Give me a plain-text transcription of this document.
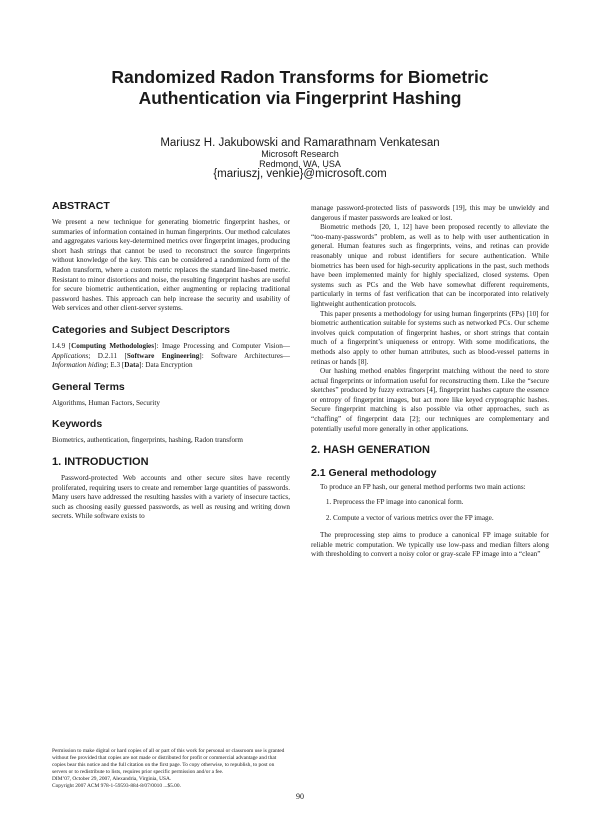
Randomized Radon Transforms for Biometric
Authentication via Fingerprint Hashing
Mariusz H. Jakubowski and Ramarathnam Venkatesan
Microsoft Research
Redmond, WA, USA
{mariuszj, venkie}@microsoft.com
ABSTRACT

We present a new technique for generating biometric fingerprint hashes, or summaries of information contained in human fingerprints. Our method calculates and aggregates various key-determined metrics over fingerprint images, producing short hash strings that cannot be used to reconstruct the source fingerprints without knowledge of the key. This can be considered a randomized form of the Radon transform, where a custom metric replaces the standard line-based metric. Resistant to minor distortions and noise, the resulting fingerprint hashes are useful for secure biometric authentication, either augmenting or replacing traditional password hashes. This approach can help increase the security and usability of Web services and other client-server systems.

Categories and Subject Descriptors

I.4.9 [Computing Methodologies]: Image Processing and Computer Vision—Applications; D.2.11 [Software Engineering]: Software Architectures— Information hiding; E.3 [Data]: Data Encryption

General Terms

Algorithms, Human Factors, Security

Keywords

Biometrics, authentication, fingerprints, hashing, Radon transform

1. INTRODUCTION

Password-protected Web accounts and other secure sites have recently proliferated, requiring users to create and remember large quantities of passwords. Many users have addressed the resulting hassles with a variety of insecure tactics, such as choosing easily guessed passwords, as well as reusing and writing down secrets. While software exists to

manage password-protected lists of passwords [19], this may be unwieldy and dangerous if master passwords are leaked or lost.

Biometric methods [20, 1, 12] have been proposed recently to alleviate the “too-many-passwords” problem, as well as to help with user authentication in general. Human features such as fingerprints, veins, and retinas can provide reasonably unique and robust identifiers for secure authentication. While biometrics has been used for high-security applications in the past, such methods have been implemented mainly for highly specialized, closed systems. Open systems such as PCs and the Web have somewhat different requirements, particularly in terms of fast verification that can be incorporated into relatively lightweight authentication protocols.

This paper presents a methodology for using human fingerprints (FPs) [10] for biometric authentication suitable for systems such as networked PCs. Our scheme involves quick computation of fingerprint hashes, or short strings that contain much of a fingerprint’s uniqueness or entropy. With some modifications, the methods also apply to other human attributes, such as blood-vessel patterns in retinas or hands [8].

Our hashing method enables fingerprint matching without the need to store actual fingerprints or information useful for reconstructing them. Like the “secure sketches” produced by fuzzy extractors [4], fingerprint hashes capture the essence or entropy of fingerprint images, but act more like keyed cryptographic hashes. Secure fingerprint matching is also possible via other approaches, such as “chaffing” of fingerprint data [2]; our techniques are complementary and potentially useful more generally in other applications.

2. HASH GENERATION
2.1 General methodology

To produce an FP hash, our general method performs two main actions:

1. Preprocess the FP image into canonical form.
2. Compute a vector of various metrics over the FP image.

The preprocessing step aims to produce a canonical FP image suitable for reliable metric computation. We typically use low-pass and median filters along with thresholding to convert a noisy color or gray-scale FP image into a “clean”

Permission to make digital or hard copies of all or part of this work for personal or classroom use is granted without fee provided that copies are not made or distributed for profit or commercial advantage and that copies bear this notice and the full citation on the first page. To copy otherwise, to republish, to post on servers or to redistribute to lists, requires prior specific permission and/or a fee.

DIM’07, October 29, 2007, Alexandria, Virginia, USA.

Copyright 2007 ACM 978-1-59593-884-8/07/0010 ...$5.00.

90
